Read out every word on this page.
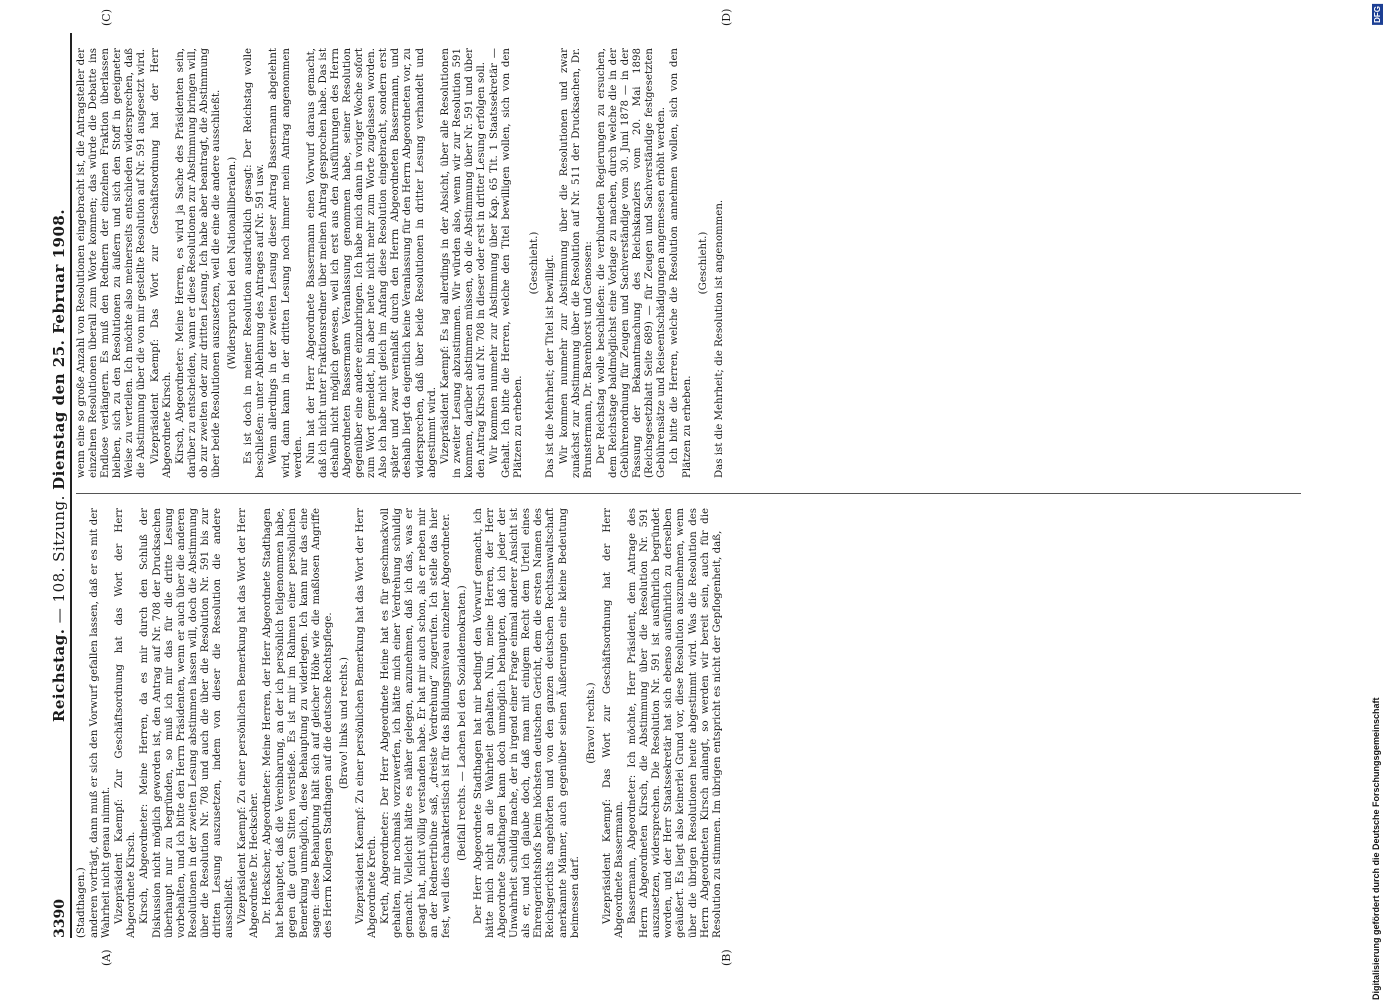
3390
Reichstag. — 108. Sitzung. Dienstag den 25. Februar 1908.

(Stadthagen.) anderen vorträgt, dann muß er sich den Vorwurf gefallen lassen, daß er es mit der Wahrheit nicht genau nimmt. Vizepräsident Kaempf: Zur Geschäftsordnung hat das Wort der Herr Abgeordnete Kirsch. Kirsch, Abgeordneter: Meine Herren, da es mir durch den Schluß der Diskussion nicht möglich geworden ist, den Antrag auf Nr. 708 der Drucksachen überhaupt nur zu begründen, so muß ich mir das für die dritte Lesung vorbehalten, und ich bitte den Herrn Präsidenten, wenn er auch über die anderen Resolutionen in der zweiten Lesung abstimmen lassen will, doch die Abstimmung über die Resolution Nr. 708 und auch die über die Resolution Nr. 591 bis zur dritten Lesung auszusetzen, indem von dieser die Resolution die andere ausschließt. Vizepräsident Kaempf: Zu einer persönlichen Bemerkung hat das Wort der Herr Abgeordnete Dr. Heckscher. Dr. Heckscher, Abgeordneter: Meine Herren, der Herr Abgeordnete Stadthagen hat behauptet, daß die Vereinbarung, an der ich persönlich teilgenommen habe, gegen die guten Sitten verstieße. Es ist mir im Rahmen einer persönlichen Bemerkung unmöglich, diese Behauptung zu widerlegen. Ich kann nur das eine sagen: diese Behauptung hält sich auf gleicher Höhe wie die maßlosen Angriffe des Herrn Kollegen Stadthagen auf die deutsche Rechtspflege. (Bravo! links und rechts.) Vizepräsident Kaempf: Zu einer persönlichen Bemerkung hat das Wort der Herr Abgeordnete Kreth. Kreth, Abgeordneter: Der Herr Abgeordnete Heine hat es für geschmackvoll gehalten, mir nochmals vorzuwerfen, ich hätte mich einer Verdrehung schuldig gemacht. Vielleicht hätte es näher gelegen, anzunehmen, daß ich das, was er gesagt hat, nicht völlig verstanden habe. Er hat mir auch schon, als er neben mir an der Rednertribüne saß, „dreiste Verdrehung“ zugerufen. Ich stelle das hier fest, weil dies charakteristisch ist für das Bildungsniveau einzelner Abgeordneter. (Beifall rechts. — Lachen bei den Sozialdemokraten.) Der Herr Abgeordnete Stadthagen hat mir bedingt den Vorwurf gemacht, ich hätte mich nicht an die Wahrheit gehalten. Nun, meine Herren, der Herr Abgeordnete Stadthagen kann doch unmöglich behaupten, daß ich jeder der Unwahrheit schuldig mache, der in irgend einer Frage einmal anderer Ansicht ist als er, und ich glaube doch, daß man mit einigem Recht dem Urteil eines Ehrengerichtshofs beim höchsten deutschen Gericht, dem die ersten Namen des Reichsgerichts angehörten und von den ganzen deutschen Rechtsanwaltschaft anerkannte Männer, auch gegenüber seinen Äußerungen eine kleine Bedeutung beimessen darf.

(Bravo! rechts.) Vizepräsident Kaempf: Das Wort zur Geschäftsordnung hat der Herr Abgeordnete Bassermann. Bassermann, Abgeordneter: Ich möchte, Herr Präsident, dem Antrage des Herrn Abgeordneten Kirsch, die Abstimmung über die Resolution Nr. 591 auszusetzen, widersprechen. Die Resolution Nr. 591 ist ausführlich begründet worden, und der Herr Staatssekretär hat sich ebenso ausführlich zu derselben geäußert. Es liegt also keinerlei Grund vor, diese Resolution auszunehmen, wenn über die übrigen Resolutionen heute abgestimmt wird. Was die Resolution des Herrn Abgeordneten Kirsch anlangt, so werden wir bereit sein, auch für die Resolution zu stimmen. Im übrigen entspricht es nicht der Gepflogenheit, daß,

wenn eine so große Anzahl von Resolutionen eingebracht ist, die Antragsteller der einzelnen Resolutionen überall zum Worte kommen; das würde die Debatte ins Endlose verlängern. Es muß den Rednern der einzelnen Fraktion überlassen bleiben, sich zu den Resolutionen zu äußern und sich den Stoff in geeigneter Weise zu verteilen. Ich möchte also meinerseits entschieden widersprechen, daß die Abstimmung über die von mir gestellte Resolution auf Nr. 591 ausgesetzt wird. Vizepräsident Kaempf: Das Wort zur Geschäftsordnung hat der Herr Abgeordnete Kirsch. Kirsch, Abgeordneter: Meine Herren, es wird ja Sache des Präsidenten sein, darüber zu entscheiden, wann er diese Resolutionen zur Abstimmung bringen will, ob zur zweiten oder zur dritten Lesung. Ich habe aber beantragt, die Abstimmung über beide Resolutionen auszusetzen, weil die eine die andere ausschließt. (Widerspruch bei den Nationalliberalen.) Es ist doch in meiner Resolution ausdrücklich gesagt: Der Reichstag wolle beschließen: unter Ablehnung des Antrages auf Nr. 591 usw. Wenn allerdings in der zweiten Lesung dieser Antrag Bassermann abgelehnt wird, dann kann in der dritten Lesung noch immer mein Antrag angenommen werden. Nun hat der Herr Abgeordnete Bassermann einen Vorwurf daraus gemacht, daß ich nicht unter Fraktionsredner über meinen Antrag gesprochen habe. Das ist deshalb nicht möglich gewesen, weil ich erst aus den Ausführungen des Herrn Abgeordneten Bassermann Veranlassung genommen habe, seiner Resolution gegenüber eine andere einzubringen. Ich habe mich dann in voriger Woche sofort zum Wort gemeldet, bin aber heute nicht mehr zum Worte zugelassen worden. Also ich habe nicht gleich im Anfang diese Resolution eingebracht, sondern erst später und zwar veranlaßt durch den Herrn Abgeordneten Bassermann, und deshalb liegt da eigentlich keine Veranlassung für den Herrn Abgeordneten vor, zu widersprechen, daß über beide Resolutionen in dritter Lesung verhandelt und abgestimmt wird. Vizepräsident Kaempf: Es lag allerdings in der Absicht, über alle Resolutionen in zweiter Lesung abzustimmen. Wir würden also, wenn wir zur Resolution 591 kommen, darüber abstimmen müssen, ob die Abstimmung über Nr. 591 und über den Antrag Kirsch auf Nr. 708 in dieser oder erst in dritter Lesung erfolgen soll. Wir kommen nunmehr zur Abstimmung über Kap. 65 Tit. 1 Staatssekretär — Gehalt. Ich bitte die Herren, welche den Titel bewilligen wollen, sich von den Plätzen zu erheben.

(Geschieht.) Das ist die Mehrheit; der Titel ist bewilligt. Wir kommen nunmehr zur Abstimmung über die Resolutionen und zwar zunächst zur Abstimmung über die Resolution auf Nr. 511 der Drucksachen, Dr. Brunstermann, Dr. Barenhorst und Genossen: Der Reichstag wolle beschließen: die verbündeten Regierungen zu ersuchen, dem Reichstage baldmöglichst eine Vorlage zu machen, durch welche die in der Gebührenordnung für Zeugen und Sachverständige vom 30. Juni 1878 — in der Fassung der Bekanntmachung des Reichskanzlers vom 20. Mai 1898 (Reichsgesetzblatt Seite 689) — für Zeugen und Sachverständige festgesetzten Gebührensätze und Reiseentschädigungen angemessen erhöht werden. Ich bitte die Herren, welche die Resolution annehmen wollen, sich von den Plätzen zu erheben.

(Geschieht.) Das ist die Mehrheit; die Resolution ist angenommen.

(A)	(B)
(C)	(D)
Digitalisierung gefördert durch die Deutsche Forschungsgemeinschaft
DFG
